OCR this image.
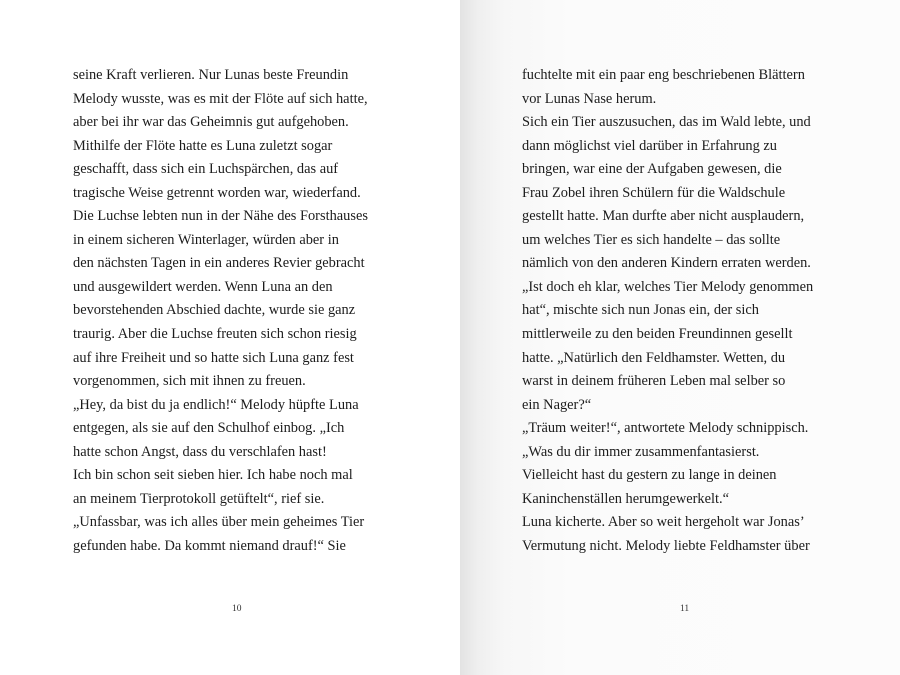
seine Kraft verlieren. Nur Lunas beste Freundin
Melody wusste, was es mit der Flöte auf sich hatte,
aber bei ihr war das Geheimnis gut aufgehoben.
Mithilfe der Flöte hatte es Luna zuletzt sogar
geschafft, dass sich ein Luchspärchen, das auf
tragische Weise getrennt worden war, wiederfand.
Die Luchse lebten nun in der Nähe des Forsthauses
in einem sicheren Winterlager, würden aber in
den nächsten Tagen in ein anderes Revier gebracht
und ausgewildert werden. Wenn Luna an den
bevorstehenden Abschied dachte, wurde sie ganz
traurig. Aber die Luchse freuten sich schon riesig
auf ihre Freiheit und so hatte sich Luna ganz fest
vorgenommen, sich mit ihnen zu freuen.
„Hey, da bist du ja endlich!“ Melody hüpfte Luna
entgegen, als sie auf den Schulhof einbog. „Ich
hatte schon Angst, dass du verschlafen hast!
Ich bin schon seit sieben hier. Ich habe noch mal
an meinem Tierprotokoll getüftelt“, rief sie.
„Unfassbar, was ich alles über mein geheimes Tier
gefunden habe. Da kommt niemand drauf!“ Sie
10
fuchtelte mit ein paar eng beschriebenen Blättern
vor Lunas Nase herum.
Sich ein Tier auszusuchen, das im Wald lebte, und
dann möglichst viel darüber in Erfahrung zu
bringen, war eine der Aufgaben gewesen, die
Frau Zobel ihren Schülern für die Waldschule
gestellt hatte. Man durfte aber nicht ausplaudern,
um welches Tier es sich handelte – das sollte
nämlich von den anderen Kindern erraten werden.
„Ist doch eh klar, welches Tier Melody genommen
hat“, mischte sich nun Jonas ein, der sich
mittlerweile zu den beiden Freundinnen gesellt
hatte. „Natürlich den Feldhamster. Wetten, du
warst in deinem früheren Leben mal selber so
ein Nager?“
„Träum weiter!“, antwortete Melody schnippisch.
„Was du dir immer zusammenfantasierst.
Vielleicht hast du gestern zu lange in deinen
Kaninchenställen herumgewerkelt.“
Luna kicherte. Aber so weit hergeholt war Jonas’
Vermutung nicht. Melody liebte Feldhamster über
11
